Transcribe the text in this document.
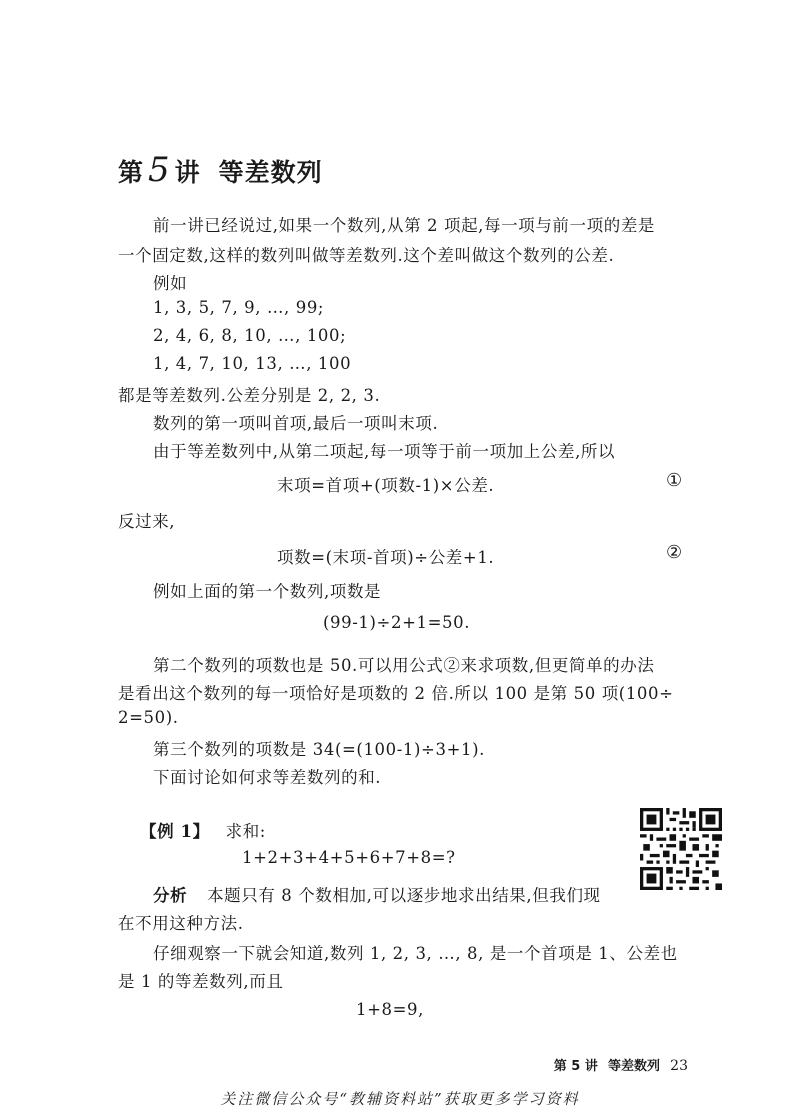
第 5 讲 等差数列
前一讲已经说过,如果一个数列,从第 2 项起,每一项与前一项的差是
一个固定数,这样的数列叫做等差数列.这个差叫做这个数列的公差.
例如
1, 3, 5, 7, 9, …, 99;
2, 4, 6, 8, 10, …, 100;
1, 4, 7, 10, 13, …, 100
都是等差数列.公差分别是 2, 2, 3.
数列的第一项叫首项,最后一项叫末项.
由于等差数列中,从第二项起,每一项等于前一项加上公差,所以
末项=首项+(项数-1)×公差.	①
反过来,
项数=(末项-首项)÷公差+1.	②
例如上面的第一个数列,项数是
(99-1)÷2+1=50.
第二个数列的项数也是 50.可以用公式②来求项数,但更简单的办法
是看出这个数列的每一项恰好是项数的 2 倍.所以 100 是第 50 项(100÷
2=50).
第三个数列的项数是 34(=(100-1)÷3+1).
下面讨论如何求等差数列的和.
【例 1】 求和:
1+2+3+4+5+6+7+8=?
分析 本题只有 8 个数相加,可以逐步地求出结果,但我们现
在不用这种方法.
仔细观察一下就会知道,数列 1, 2, 3, …, 8, 是一个首项是 1、公差也
是 1 的等差数列,而且
1+8=9,
第 5 讲 等差数列 23
关注微信公众号“教辅资料站”获取更多学习资料
